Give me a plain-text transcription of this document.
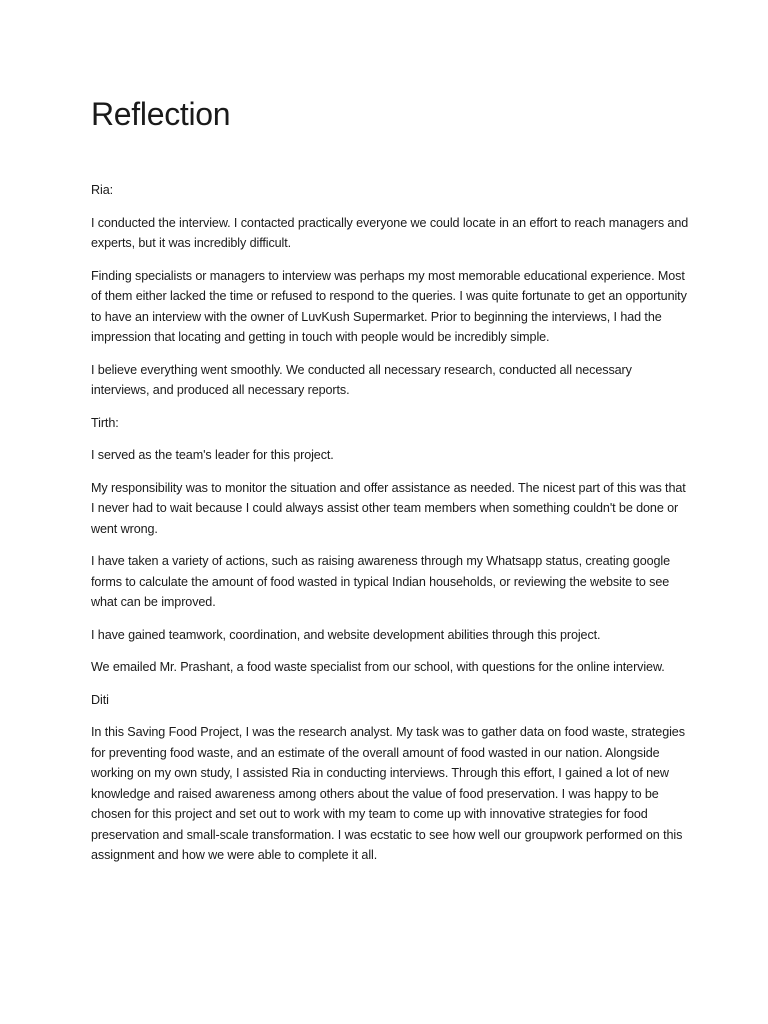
Reflection

Ria:

I conducted the interview. I contacted practically everyone we could locate in an effort to reach managers and experts, but it was incredibly difficult.

Finding specialists or managers to interview was perhaps my most memorable educational experience. Most of them either lacked the time or refused to respond to the queries. I was quite fortunate to get an opportunity to have an interview with the owner of LuvKush Supermarket. Prior to beginning the interviews, I had the impression that locating and getting in touch with people would be incredibly simple.

I believe everything went smoothly. We conducted all necessary research, conducted all necessary interviews, and produced all necessary reports.

Tirth:

I served as the team's leader for this project.

My responsibility was to monitor the situation and offer assistance as needed. The nicest part of this was that I never had to wait because I could always assist other team members when something couldn't be done or went wrong.

I have taken a variety of actions, such as raising awareness through my Whatsapp status, creating google forms to calculate the amount of food wasted in typical Indian households, or reviewing the website to see what can be improved.

I have gained teamwork, coordination, and website development abilities through this project.

We emailed Mr. Prashant, a food waste specialist from our school, with questions for the online interview.

Diti

In this Saving Food Project, I was the research analyst. My task was to gather data on food waste, strategies for preventing food waste, and an estimate of the overall amount of food wasted in our nation. Alongside working on my own study, I assisted Ria in conducting interviews. Through this effort, I gained a lot of new knowledge and raised awareness among others about the value of food preservation. I was happy to be chosen for this project and set out to work with my team to come up with innovative strategies for food preservation and small-scale transformation. I was ecstatic to see how well our groupwork performed on this assignment and how we were able to complete it all.
